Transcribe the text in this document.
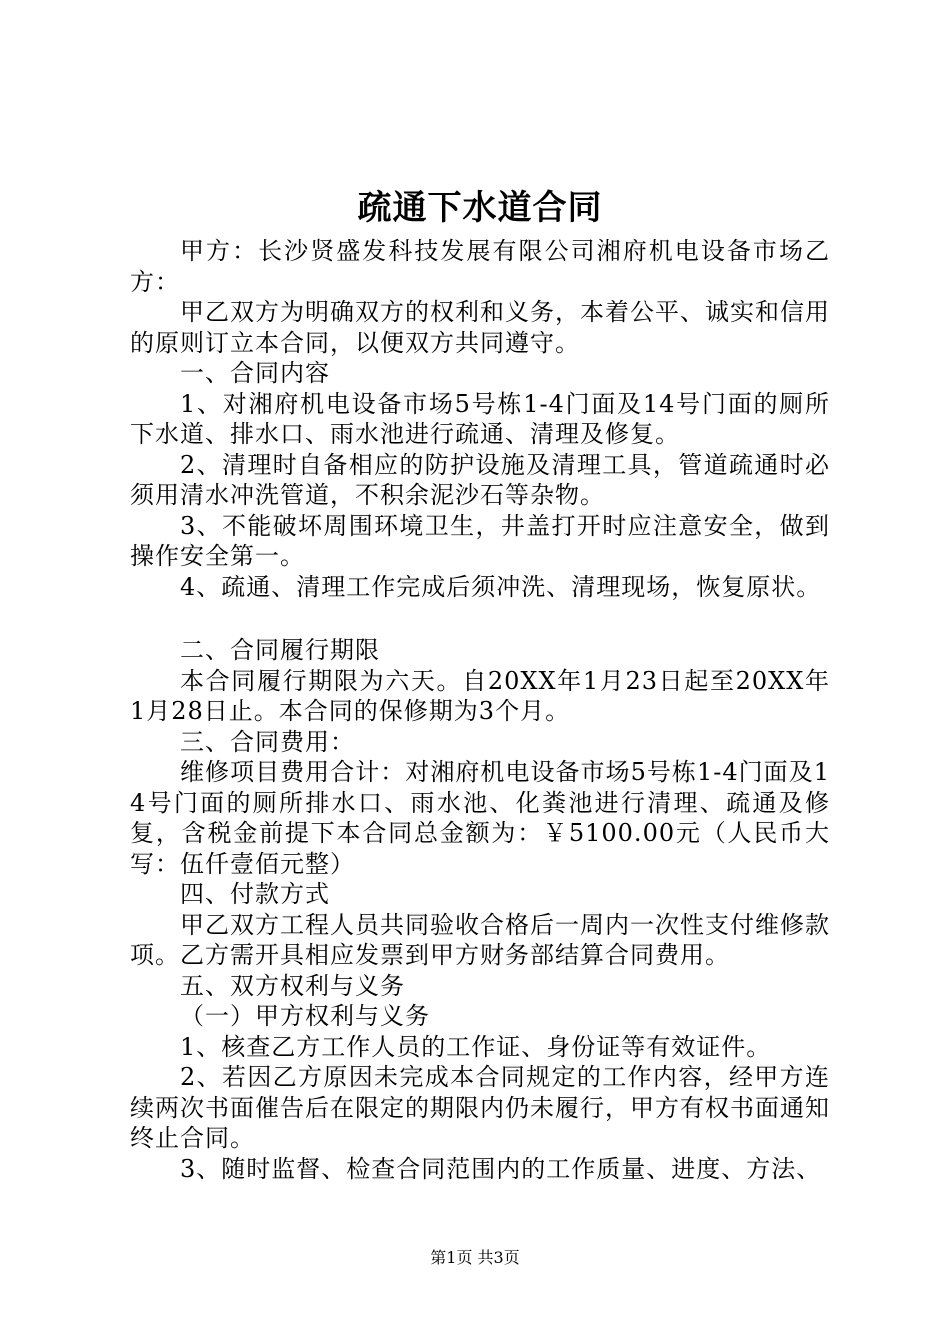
疏通下水道合同

甲方：长沙贤盛发科技发展有限公司湘府机电设备市场乙方：

甲乙双方为明确双方的权利和义务，本着公平、诚实和信用的原则订立本合同，以便双方共同遵守。

一、合同内容

1、对湘府机电设备市场5号栋1-4门面及14号门面的厕所下水道、排水口、雨水池进行疏通、清理及修复。

2、清理时自备相应的防护设施及清理工具，管道疏通时必须用清水冲洗管道，不积余泥沙石等杂物。

3、不能破坏周围环境卫生，井盖打开时应注意安全，做到操作安全第一。

4、疏通、清理工作完成后须冲洗、清理现场，恢复原状。

二、合同履行期限

本合同履行期限为六天。自20XX年1月23日起至20XX年1月28日止。本合同的保修期为3个月。

三、合同费用：

维修项目费用合计：对湘府机电设备市场5号栋1-4门面及14号门面的厕所排水口、雨水池、化粪池进行清理、疏通及修复，含税金前提下本合同总金额为：￥5100.00元（人民币大写：伍仟壹佰元整）

四、付款方式

甲乙双方工程人员共同验收合格后一周内一次性支付维修款项。乙方需开具相应发票到甲方财务部结算合同费用。

五、双方权利与义务

（一）甲方权利与义务

1、核查乙方工作人员的工作证、身份证等有效证件。

2、若因乙方原因未完成本合同规定的工作内容，经甲方连续两次书面催告后在限定的期限内仍未履行，甲方有权书面通知终止合同。

3、随时监督、检查合同范围内的工作质量、进度、方法、

第1页 共3页
